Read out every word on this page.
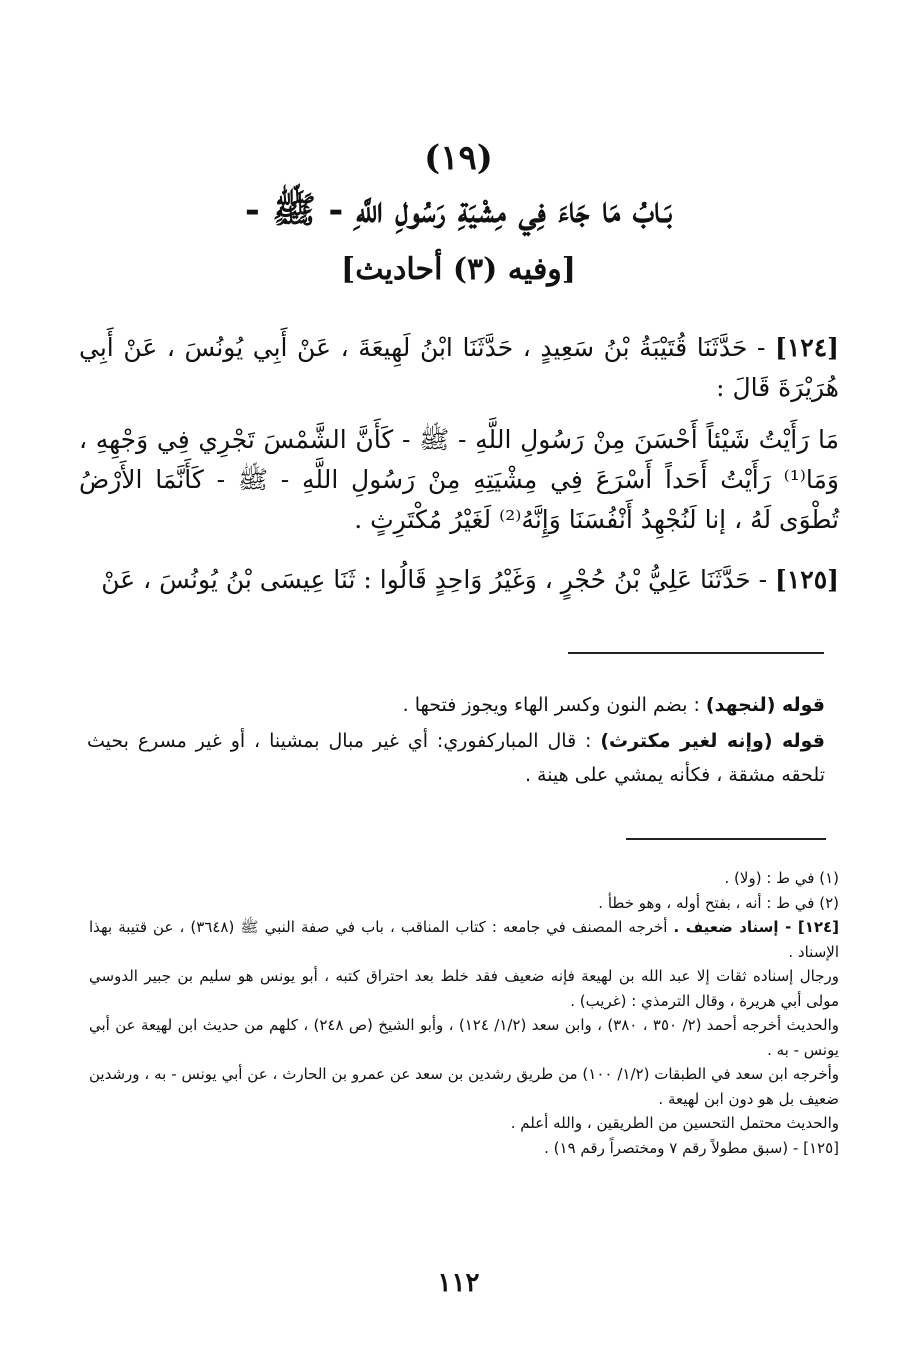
(١٩)
بَـابُ مَا جَاءَ فِي مِشْيَةِ رَسُولِ اللَّهِ - ﷺ -
[وفيه (٣) أحاديث]
[١٢٤] - حَدَّثَنَا قُتَيْبَةُ بْنُ سَعِيدٍ ، حَدَّثَنَا ابْنُ لَهِيعَةَ ، عَنْ أَبِي يُونُسَ ، عَنْ أَبِي هُرَيْرَةَ قَالَ :
مَا رَأَيْتُ شَيْئاً أَحْسَنَ مِنْ رَسُولِ اللَّهِ - ﷺ - كَأَنَّ الشَّمْسَ تَجْرِي فِي وَجْهِهِ ، وَمَا⁽¹⁾ رَأَيْتُ أَحَداً أَسْرَعَ فِي مِشْيَتِهِ مِنْ رَسُولِ اللَّهِ - ﷺ - كَأَنَّمَا الأَرْضُ تُطْوَى لَهُ ، إنا لَنُجْهِدُ أَنْفُسَنَا وَإِنَّهُ⁽²⁾ لَغَيْرُ مُكْتَرِثٍ .
[١٢٥] - حَدَّثَنَا عَلِيُّ بْنُ حُجْرٍ ، وَغَيْرُ وَاحِدٍ قَالُوا : ثَنَا عِيسَى بْنُ يُونُسَ ، عَنْ
قوله (لنجهد) : بضم النون وكسر الهاء ويجوز فتحها .
قوله (وإنه لغير مكترث) : قال المباركفوري: أي غير مبال بمشينا ، أو غير مسرع بحيث تلحقه مشقة ، فكأنه يمشي على هينة .

(١) في ط : (ولا) .

(٢) في ط : أنه ، بفتح أوله ، وهو خطأ .

[١٢٤] - إسناد ضعيف . أخرجه المصنف في جامعه : كتاب المناقب ، باب في صفة النبي ﷺ (٣٦٤٨) ، عن قتيبة بهذا الإسناد .

ورجال إسناده ثقات إلا عبد الله بن لهيعة فإنه ضعيف فقد خلط بعد احتراق كتبه ، أبو يونس هو سليم بن جبير الدوسي مولى أبي هريرة ، وقال الترمذي : (غريب) .

والحديث أخرجه أحمد (٢/ ٣٥٠ ، ٣٨٠) ، وابن سعد (١/٢/ ١٢٤) ، وأبو الشيخ (ص ٢٤٨) ، كلهم من حديث ابن لهيعة عن أبي يونس - به .

وأخرجه ابن سعد في الطبقات (١/٢/ ١٠٠) من طريق رشدين بن سعد عن عمرو بن الحارث ، عن أبي يونس - به ، ورشدين ضعيف بل هو دون ابن لهيعة .

والحديث محتمل التحسين من الطريقين ، والله أعلم .

[١٢٥] - (سبق مطولاً رقم ٧ ومختصراً رقم ١٩) .

١١٢
